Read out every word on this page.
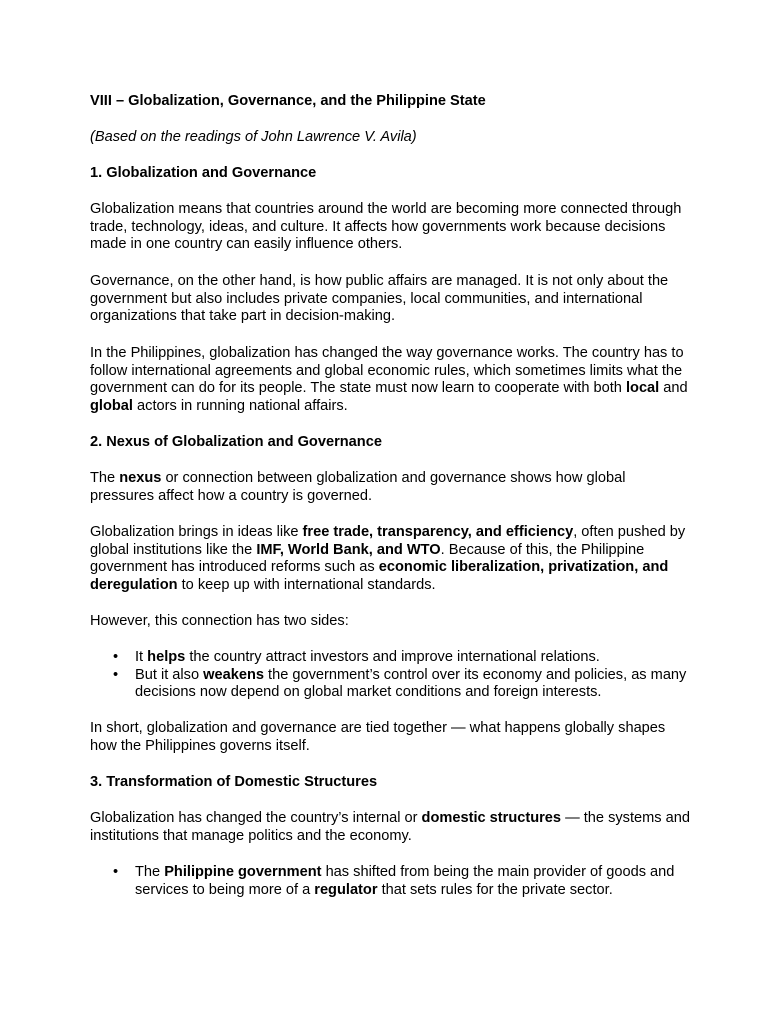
VIII – Globalization, Governance, and the Philippine State

(Based on the readings of John Lawrence V. Avila)

1. Globalization and Governance

Globalization means that countries around the world are becoming more connected through trade, technology, ideas, and culture. It affects how governments work because decisions made in one country can easily influence others.

Governance, on the other hand, is how public affairs are managed. It is not only about the government but also includes private companies, local communities, and international organizations that take part in decision-making.

In the Philippines, globalization has changed the way governance works. The country has to follow international agreements and global economic rules, which sometimes limits what the government can do for its people. The state must now learn to cooperate with both local and global actors in running national affairs.

2. Nexus of Globalization and Governance

The nexus or connection between globalization and governance shows how global pressures affect how a country is governed.

Globalization brings in ideas like free trade, transparency, and efficiency, often pushed by global institutions like the IMF, World Bank, and WTO. Because of this, the Philippine government has introduced reforms such as economic liberalization, privatization, and deregulation to keep up with international standards.

However, this connection has two sides:

• It helps the country attract investors and improve international relations.
• But it also weakens the government’s control over its economy and policies, as many decisions now depend on global market conditions and foreign interests.

In short, globalization and governance are tied together — what happens globally shapes how the Philippines governs itself.

3. Transformation of Domestic Structures

Globalization has changed the country’s internal or domestic structures — the systems and institutions that manage politics and the economy.

• The Philippine government has shifted from being the main provider of goods and services to being more of a regulator that sets rules for the private sector.
